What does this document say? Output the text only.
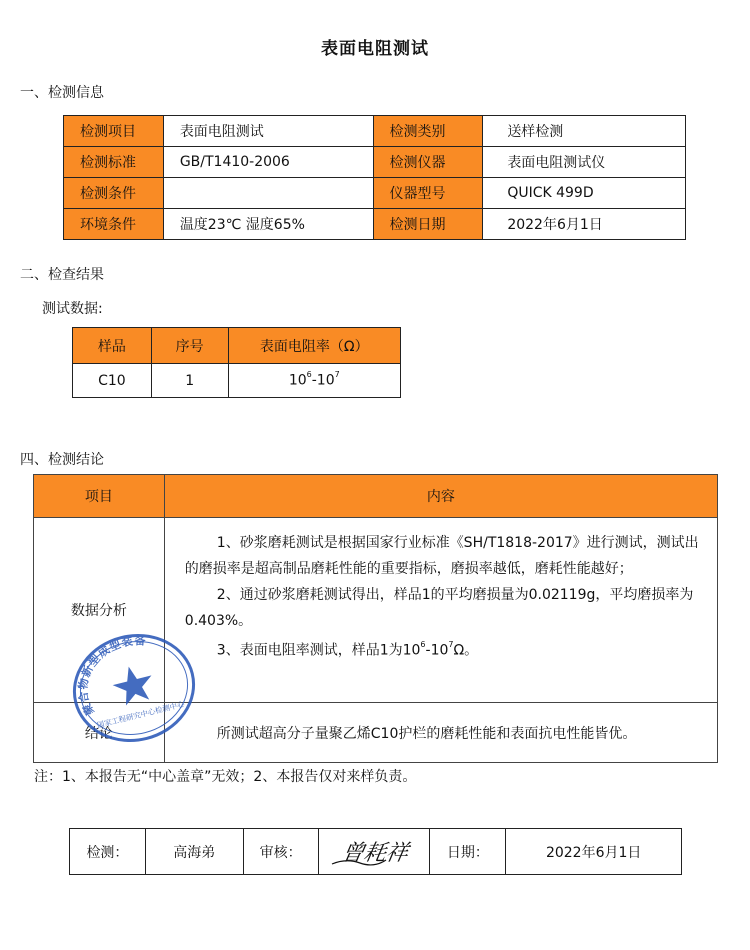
表面电阻测试
一、检测信息
检测项目	表面电阻测试	检测类别	送样检测
检测标准	GB/T1410-2006	检测仪器	表面电阻测试仪
检测条件		仪器型号	QUICK 499D
环境条件	温度23℃ 湿度65%	检测日期	2022年6月1日
二、检查结果
测试数据:
样品	序号	表面电阻率（Ω）
C10	1	$10^6-10^7$
四、检测结论
项目	内容
数据分析	1、砂浆磨耗测试是根据国家行业标准《SH/T1818-2017》进行测试，测试出的磨损率是超高制品磨耗性能的重要指标，磨损率越低，磨耗性能越好；

2、通过砂浆磨耗测试得出，样品1的平均磨损量为0.02119g，平均磨损率为0.403%。

3、表面电阻率测试，样品1为$10^6-10^7\Omega$。

结论	所测试超高分子量聚乙烯C10护栏的磨耗性能和表面抗电性能皆优。
聚合物新型成型装备
国家工程研究中心检测中心
注：1、本报告无“中心盖章”无效；2、本报告仅对来样负责。
检测：	高海弟	审核：	曾耗祥	日期：	2022年6月1日
